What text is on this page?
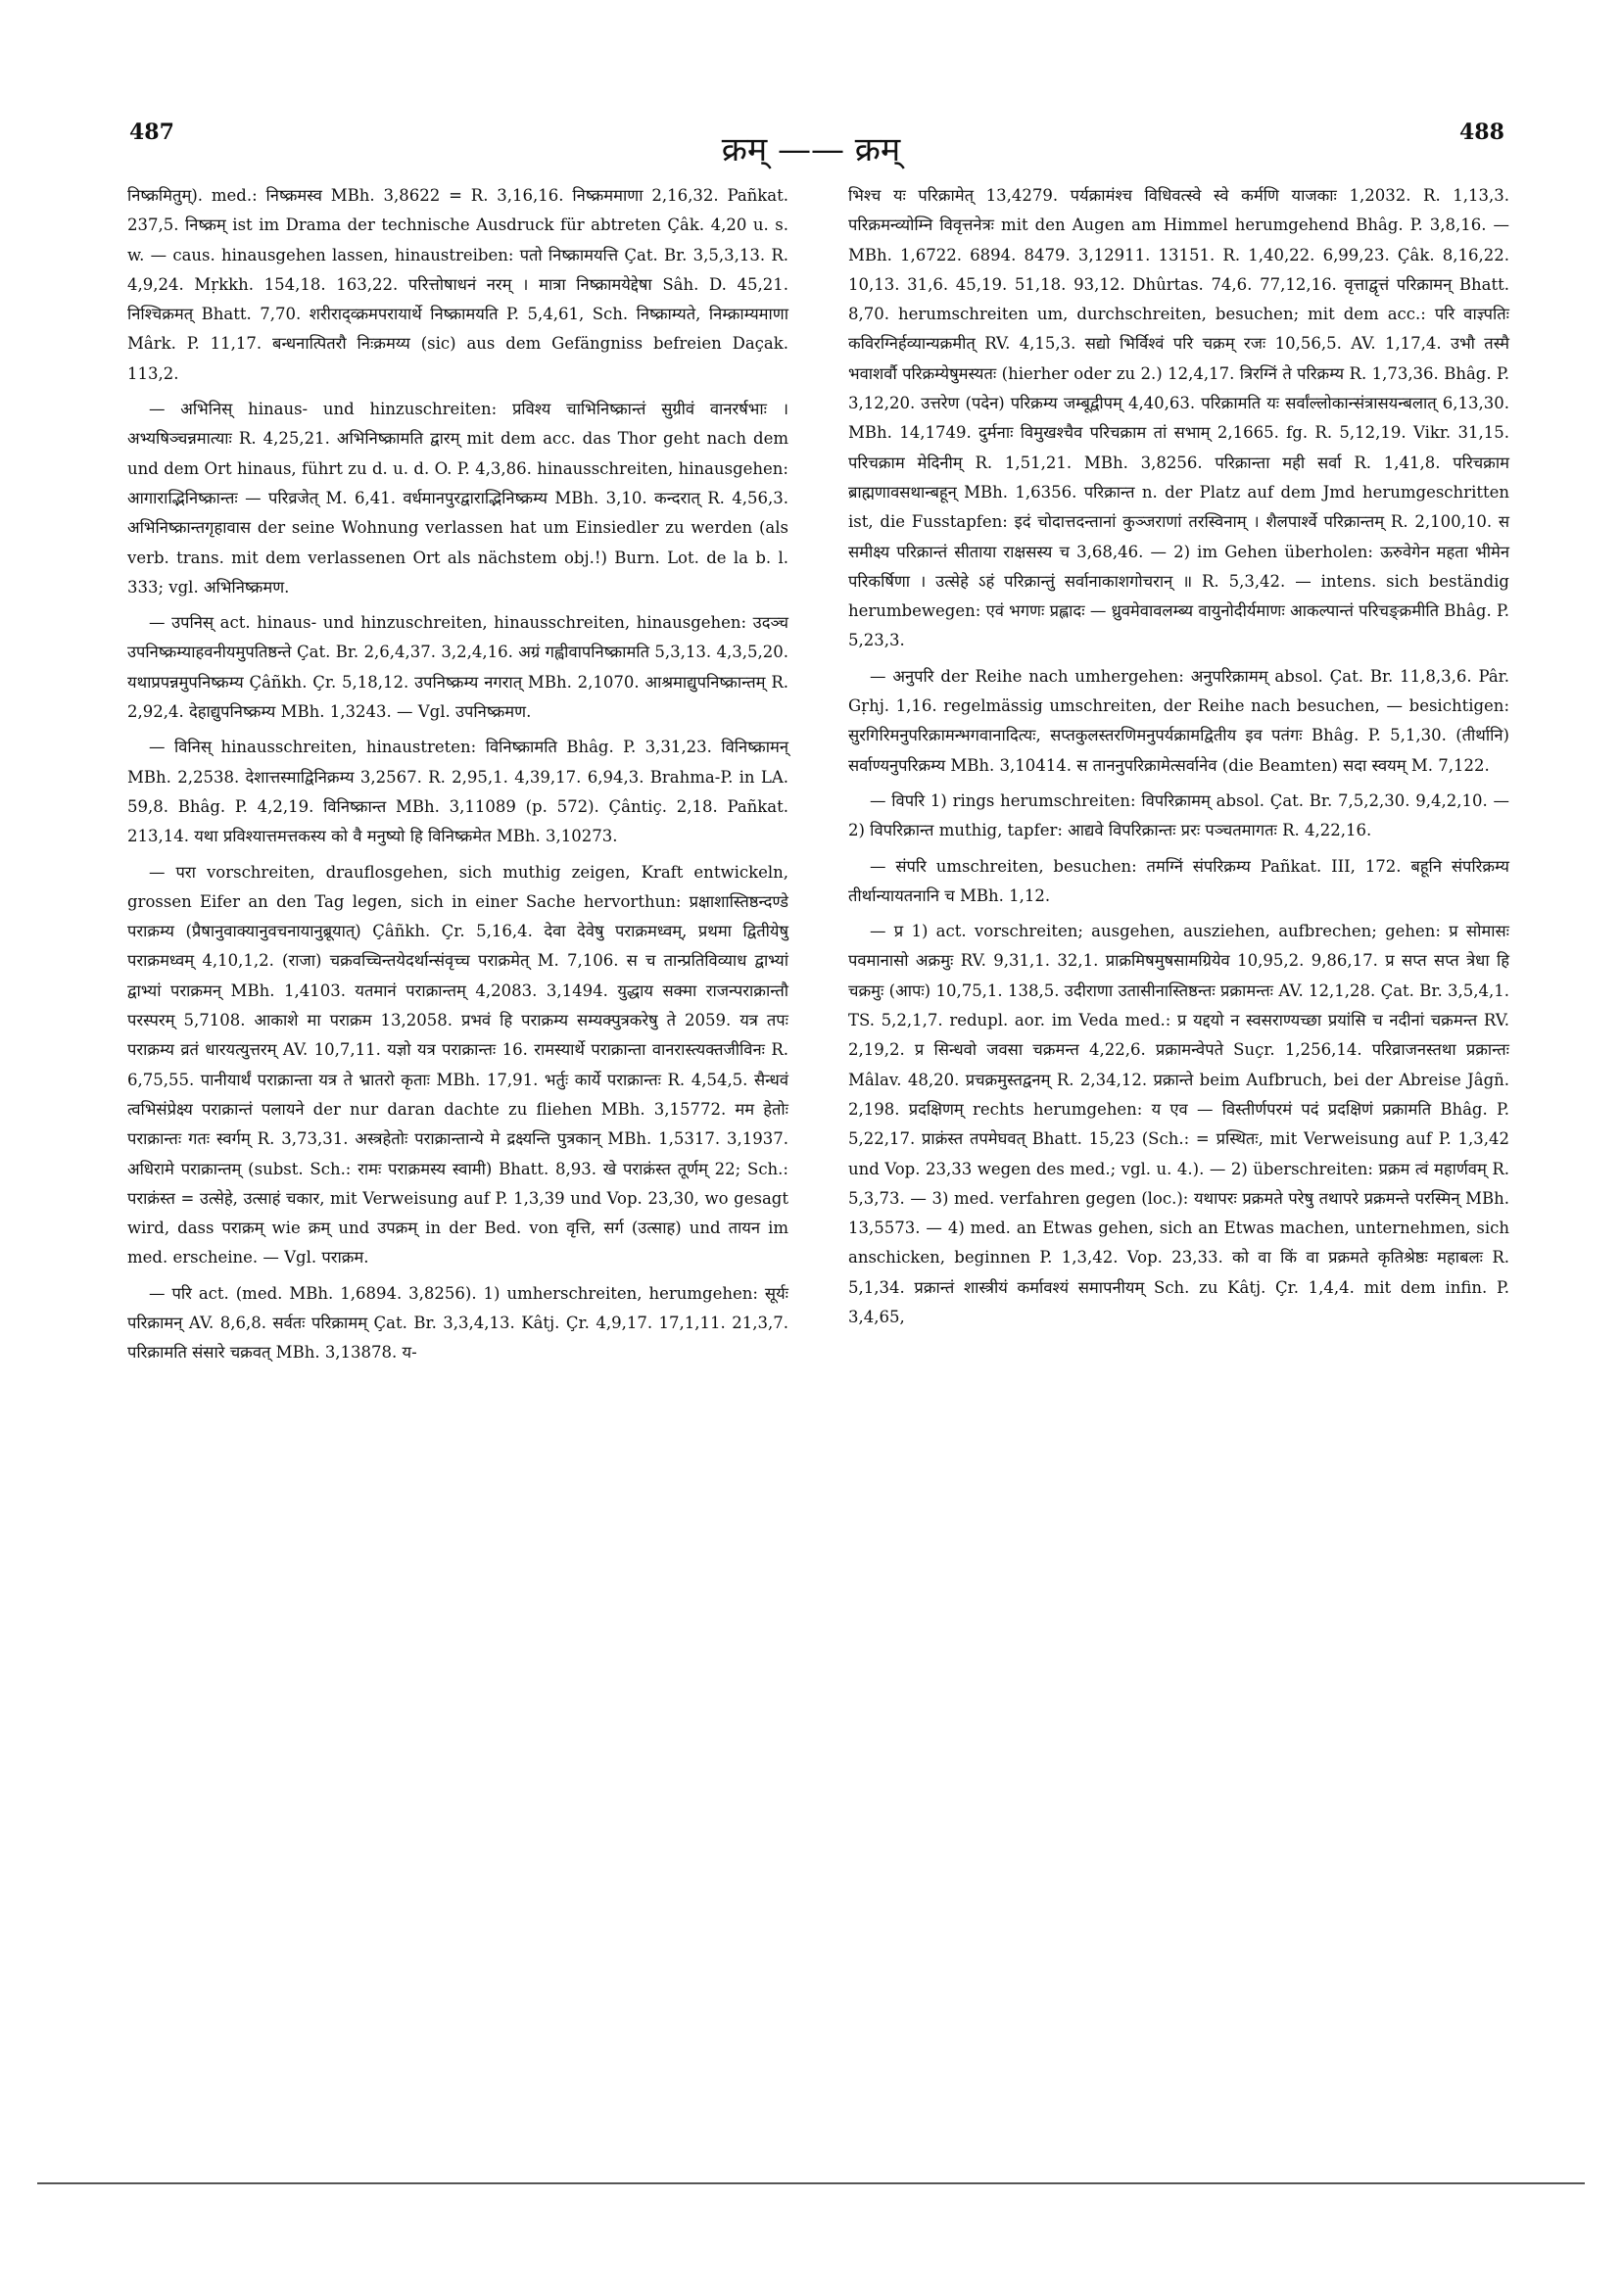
487	क्रम् —— क्रम्	488

निष्क्रमितुम्). med.: निष्क्रमस्व MBh. 3,8622 = R. 3,16,16. निष्क्रममाणा 2,16,32. Pañkat. 237,5. निष्क्रम् ist im Drama der technische Ausdruck für abtreten Çâk. 4,20 u. s. w. — caus. hinausgehen lassen, hinaustreiben: पतो निष्क्रामयत्ति Çat. Br. 3,5,3,13. R. 4,9,24. Mṛkkh. 154,18. 163,22. परित्तोषाधनं नरम् । मात्रा निष्क्रामयेद्देषा Sâh. D. 45,21. निश्चिक्रमत् Bhatt. 7,70. शरीराद्व्क्रमपरायार्थे निष्क्रामयति P. 5,4,61, Sch. निष्क्राम्यते, निम्क्राम्यमाणा Mârk. P. 11,17. बन्धनात्पितरौ निःक्रमय्य (sic) aus dem Gefängniss befreien Daçak. 113,2.

— अभिनिस् hinaus- und hinzuschreiten: प्रविश्य चाभिनिष्क्रान्तं सुग्रीवं वानरर्षभाः । अभ्यषिञ्चन्नमात्याः R. 4,25,21. अभिनिष्क्रामति द्वारम् mit dem acc. das Thor geht nach dem und dem Ort hinaus, führt zu d. u. d. O. P. 4,3,86. hinausschreiten, hinausgehen: आगाराद्भिनिष्क्रान्तः — परिव्रजेत् M. 6,41. वर्धमानपुरद्वाराद्भिनिष्क्रम्य MBh. 3,10. कन्दरात् R. 4,56,3. अभिनिष्क्रान्तगृहावास der seine Wohnung verlassen hat um Einsiedler zu werden (als verb. trans. mit dem verlassenen Ort als nächstem obj.!) Burn. Lot. de la b. l. 333; vgl. अभिनिष्क्रमण.

— उपनिस् act. hinaus- und hinzuschreiten, hinausschreiten, hinausgehen: उदञ्च उपनिष्क्रम्याहवनीयमुपतिष्ठन्ते Çat. Br. 2,6,4,37. 3,2,4,16. अग्रं गह्वीवापनिष्क्रामति 5,3,13. 4,3,5,20. यथाप्रपन्नमुपनिष्क्रम्य Çâñkh. Çr. 5,18,12. उपनिष्क्रम्य नगरात् MBh. 2,1070. आश्रमाद्युपनिष्क्रान्तम् R. 2,92,4. देहाद्युपनिष्क्रम्य MBh. 1,3243. — Vgl. उपनिष्क्रमण.

— विनिस् hinausschreiten, hinaustreten: विनिष्क्रामति Bhâg. P. 3,31,23. विनिष्क्रामन् MBh. 2,2538. देशात्तस्माद्विनिक्रम्य 3,2567. R. 2,95,1. 4,39,17. 6,94,3. Brahma-P. in LA. 59,8. Bhâg. P. 4,2,19. विनिष्क्रान्त MBh. 3,11089 (p. 572). Çântiç. 2,18. Pañkat. 213,14. यथा प्रविश्यात्तमत्तकस्य को वै मनुष्यो हि विनिष्क्रमेत MBh. 3,10273.

— परा vorschreiten, drauflosgehen, sich muthig zeigen, Kraft entwickeln, grossen Eifer an den Tag legen, sich in einer Sache hervorthun: प्रक्षाशास्तिष्ठन्दण्डे पराक्रम्य (प्रैषानुवाक्यानुवचनायानुब्रूयात्) Çâñkh. Çr. 5,16,4. देवा देवेषु पराक्रमध्वम्, प्रथमा द्वितीयेषु पराक्रमध्वम् 4,10,1,2. (राजा) चक्रवच्चिन्तयेदर्थान्संवृच्च पराक्रमेत् M. 7,106. स च तान्प्रतिविव्याध द्वाभ्यां द्वाभ्यां पराक्रमन् MBh. 1,4103. यतमानं पराक्रान्तम् 4,2083. 3,1494. युद्धाय सक्मा राजन्पराक्रान्तौ परस्परम् 5,7108. आकाशे मा पराक्रम 13,2058. प्रभवं हि पराक्रम्य सम्यक्पुत्रकरेषु ते 2059. यत्र तपः पराक्रम्य व्रतं धारयत्युत्तरम् AV. 10,7,11. यज्ञो यत्र पराक्रान्तः 16. रामस्यार्थे पराक्रान्ता वानरास्त्यक्तजीविनः R. 6,75,55. पानीयार्थं पराक्रान्ता यत्र ते भ्रातरो कृताः MBh. 17,91. भर्तुः कार्ये पराक्रान्तः R. 4,54,5. सैन्धवं त्वभिसंप्रेक्ष्य पराक्रान्तं पलायने der nur daran dachte zu fliehen MBh. 3,15772. मम हेतोः पराक्रान्तः गतः स्वर्गम् R. 3,73,31. अस्त्रहेतोः पराक्रान्तान्ये मे द्रक्ष्यन्ति पुत्रकान् MBh. 1,5317. 3,1937. अधिरामे पराक्रान्तम् (subst. Sch.: रामः पराक्रमस्य स्वामी) Bhatt. 8,93. खे पराक्रंस्त तूर्णम् 22; Sch.: पराक्रंस्त = उत्सेहे, उत्साहं चकार, mit Verweisung auf P. 1,3,39 und Vop. 23,30, wo gesagt wird, dass पराक्रम् wie क्रम् und उपक्रम् in der Bed. von वृत्ति, सर्ग (उत्साह) und तायन im med. erscheine. — Vgl. पराक्रम.

— परि act. (med. MBh. 1,6894. 3,8256). 1) umherschreiten, herumgehen: सूर्यः परिक्रामन् AV. 8,6,8. सर्वतः परिक्रामम् Çat. Br. 3,3,4,13. Kâtj. Çr. 4,9,17. 17,1,11. 21,3,7. परिक्रामति संसारे चक्रवत् MBh. 3,13878. य-

भिश्च यः परिक्रामेत् 13,4279. पर्यक्रामंश्च विधिवत्स्वे स्वे कर्मणि याजकाः 1,2032. R. 1,13,3. परिक्रमन्व्योम्नि विवृत्तनेत्रः mit den Augen am Himmel herumgehend Bhâg. P. 3,8,16. — MBh. 1,6722. 6894. 8479. 3,12911. 13151. R. 1,40,22. 6,99,23. Çâk. 8,16,22. 10,13. 31,6. 45,19. 51,18. 93,12. Dhûrtas. 74,6. 77,12,16. वृत्ताद्वृत्तं परिक्रामन् Bhatt. 8,70. herumschreiten um, durchschreiten, besuchen; mit dem acc.: परि वाज्ञ्पतिः कविरग्निर्हव्यान्यक्रमीत् RV. 4,15,3. सद्यो भिर्विश्वं परि चक्रम् रजः 10,56,5. AV. 1,17,4. उभौ तस्मै भवाशर्वौ परिक्रम्येषुमस्यतः (hierher oder zu 2.) 12,4,17. त्रिरग्निं ते परिक्रम्य R. 1,73,36. Bhâg. P. 3,12,20. उत्तरेण (पदेन) परिक्रम्य जम्बूद्वीपम् 4,40,63. परिक्रामति यः सर्वांल्लोकान्संत्रासयन्बलात् 6,13,30. MBh. 14,1749. दुर्मनाः विमुखश्चैव परिचक्राम तां सभाम् 2,1665. fg. R. 5,12,19. Vikr. 31,15. परिचक्राम मेदिनीम् R. 1,51,21. MBh. 3,8256. परिक्रान्ता मही सर्वा R. 1,41,8. परिचक्राम ब्राह्मणावसथान्बहून् MBh. 1,6356. परिक्रान्त n. der Platz auf dem Jmd herumgeschritten ist, die Fusstapfen: इदं चोदात्तदन्तानां कुञ्जराणां तरस्विनाम् । शैलपार्श्वे परिक्रान्तम् R. 2,100,10. स समीक्ष्य परिक्रान्तं सीताया राक्षसस्य च 3,68,46. — 2) im Gehen überholen: ऊरुवेगेन महता भीमेन परिकर्षिणा । उत्सेहे ऽहं परिक्रान्तुं सर्वानाकाशगोचरान् ॥ R. 5,3,42. — intens. sich beständig herumbewegen: एवं भगणः प्रह्लादः — ध्रुवमेवावलम्ब्य वायुनोदीर्यमाणः आकल्पान्तं परिचङ्क्रमीति Bhâg. P. 5,23,3.

— अनुपरि der Reihe nach umhergehen: अनुपरिक्रामम् absol. Çat. Br. 11,8,3,6. Pâr. Gṛhj. 1,16. regelmässig umschreiten, der Reihe nach besuchen, — besichtigen: सुरगिरिमनुपरिक्रामन्भगवानादित्यः, सप्तकुलस्तरणिमनुपर्यक्रामद्वितीय इव पतंगः Bhâg. P. 5,1,30. (तीर्थानि) सर्वाण्यनुपरिक्रम्य MBh. 3,10414. स ताननुपरिक्रामेत्सर्वानेव (die Beamten) सदा स्वयम् M. 7,122.

— विपरि 1) rings herumschreiten: विपरिक्रामम् absol. Çat. Br. 7,5,2,30. 9,4,2,10. — 2) विपरिक्रान्त muthig, tapfer: आद्यवे विपरिक्रान्तः प्ररः पञ्चतमागतः R. 4,22,16.

— संपरि umschreiten, besuchen: तमग्निं संपरिक्रम्य Pañkat. III, 172. बहूनि संपरिक्रम्य तीर्थान्यायतनानि च MBh. 1,12.

— प्र 1) act. vorschreiten; ausgehen, ausziehen, aufbrechen; gehen: प्र सोमासः पवमानासो अक्रमुः RV. 9,31,1. 32,1. प्राक्रमिषमुषसामग्रियेव 10,95,2. 9,86,17. प्र सप्त सप्त त्रेधा हि चक्रमुः (आपः) 10,75,1. 138,5. उदीराणा उतासीनास्तिष्ठन्तः प्रक्रामन्तः AV. 12,1,28. Çat. Br. 3,5,4,1. TS. 5,2,1,7. redupl. aor. im Veda med.: प्र यद्दयो न स्वसराण्यच्छा प्रयांसि च नदीनां चक्रमन्त RV. 2,19,2. प्र सिन्धवो जवसा चक्रमन्त 4,22,6. प्रक्रामन्वेपते Suçr. 1,256,14. परिव्राजनस्तथा प्रक्रान्तः Mâlav. 48,20. प्रचक्रमुस्तद्वनम् R. 2,34,12. प्रक्रान्ते beim Aufbruch, bei der Abreise Jâgñ. 2,198. प्रदक्षिणम् rechts herumgehen: य एव — विस्तीर्णपरमं पदं प्रदक्षिणं प्रक्रामति Bhâg. P. 5,22,17. प्राक्रंस्त तपमेघवत् Bhatt. 15,23 (Sch.: = प्रस्थितः, mit Verweisung auf P. 1,3,42 und Vop. 23,33 wegen des med.; vgl. u. 4.). — 2) überschreiten: प्रक्रम त्वं महार्णवम् R. 5,3,73. — 3) med. verfahren gegen (loc.): यथापरः प्रक्रमते परेषु तथापरे प्रक्रमन्ते परस्मिन् MBh. 13,5573. — 4) med. an Etwas gehen, sich an Etwas machen, unternehmen, sich anschicken, beginnen P. 1,3,42. Vop. 23,33. को वा किं वा प्रक्रमते कृतिश्रेष्ठः महाबलः R. 5,1,34. प्रक्रान्तं शास्त्रीयं कर्मावश्यं समापनीयम् Sch. zu Kâtj. Çr. 1,4,4. mit dem infin. P. 3,4,65,
